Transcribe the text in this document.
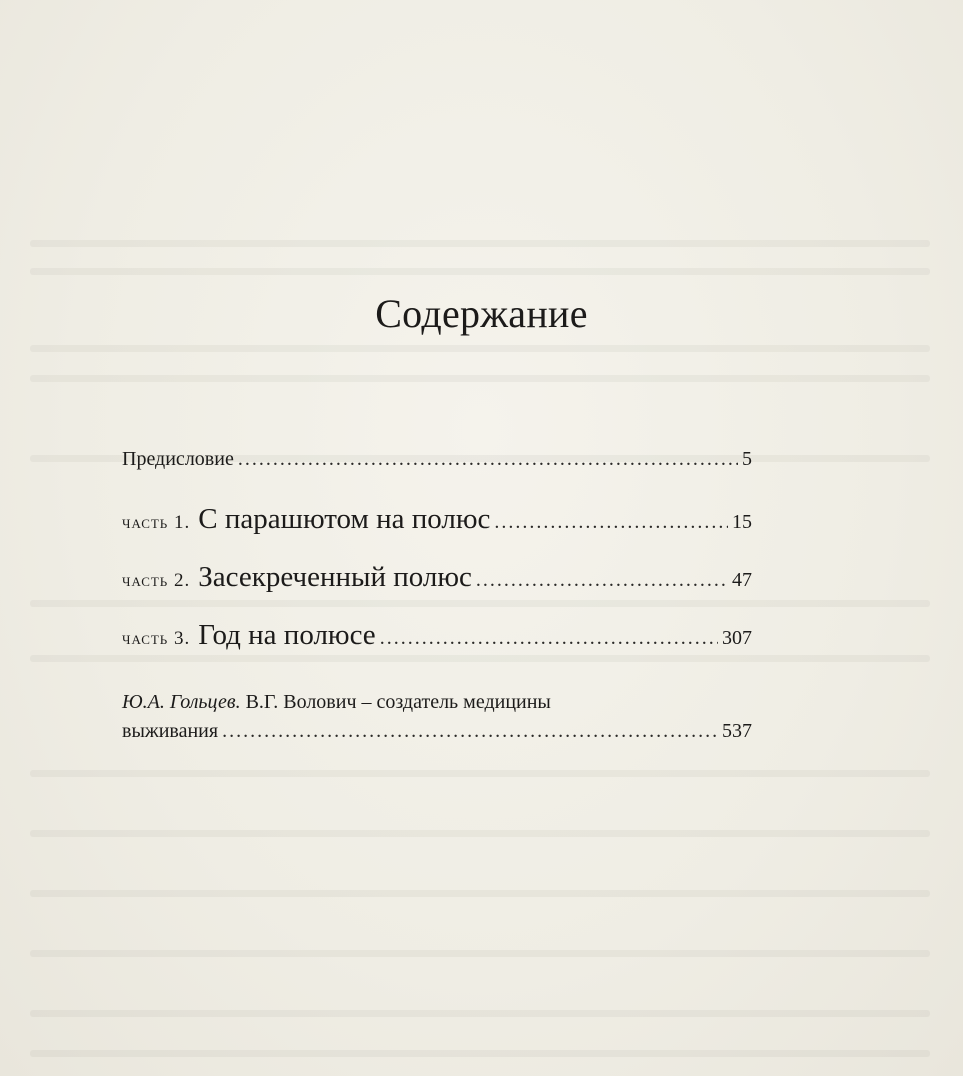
Содержание
Предисловие . . .	5
часть 1. С парашютом на полюс . . .	15
часть 2. Засекреченный полюс . . .	47
часть 3. Год на полюсе . . .	307
Ю.А. Гольцев. В.Г. Волович – создатель медицины
выживания . . .	537
